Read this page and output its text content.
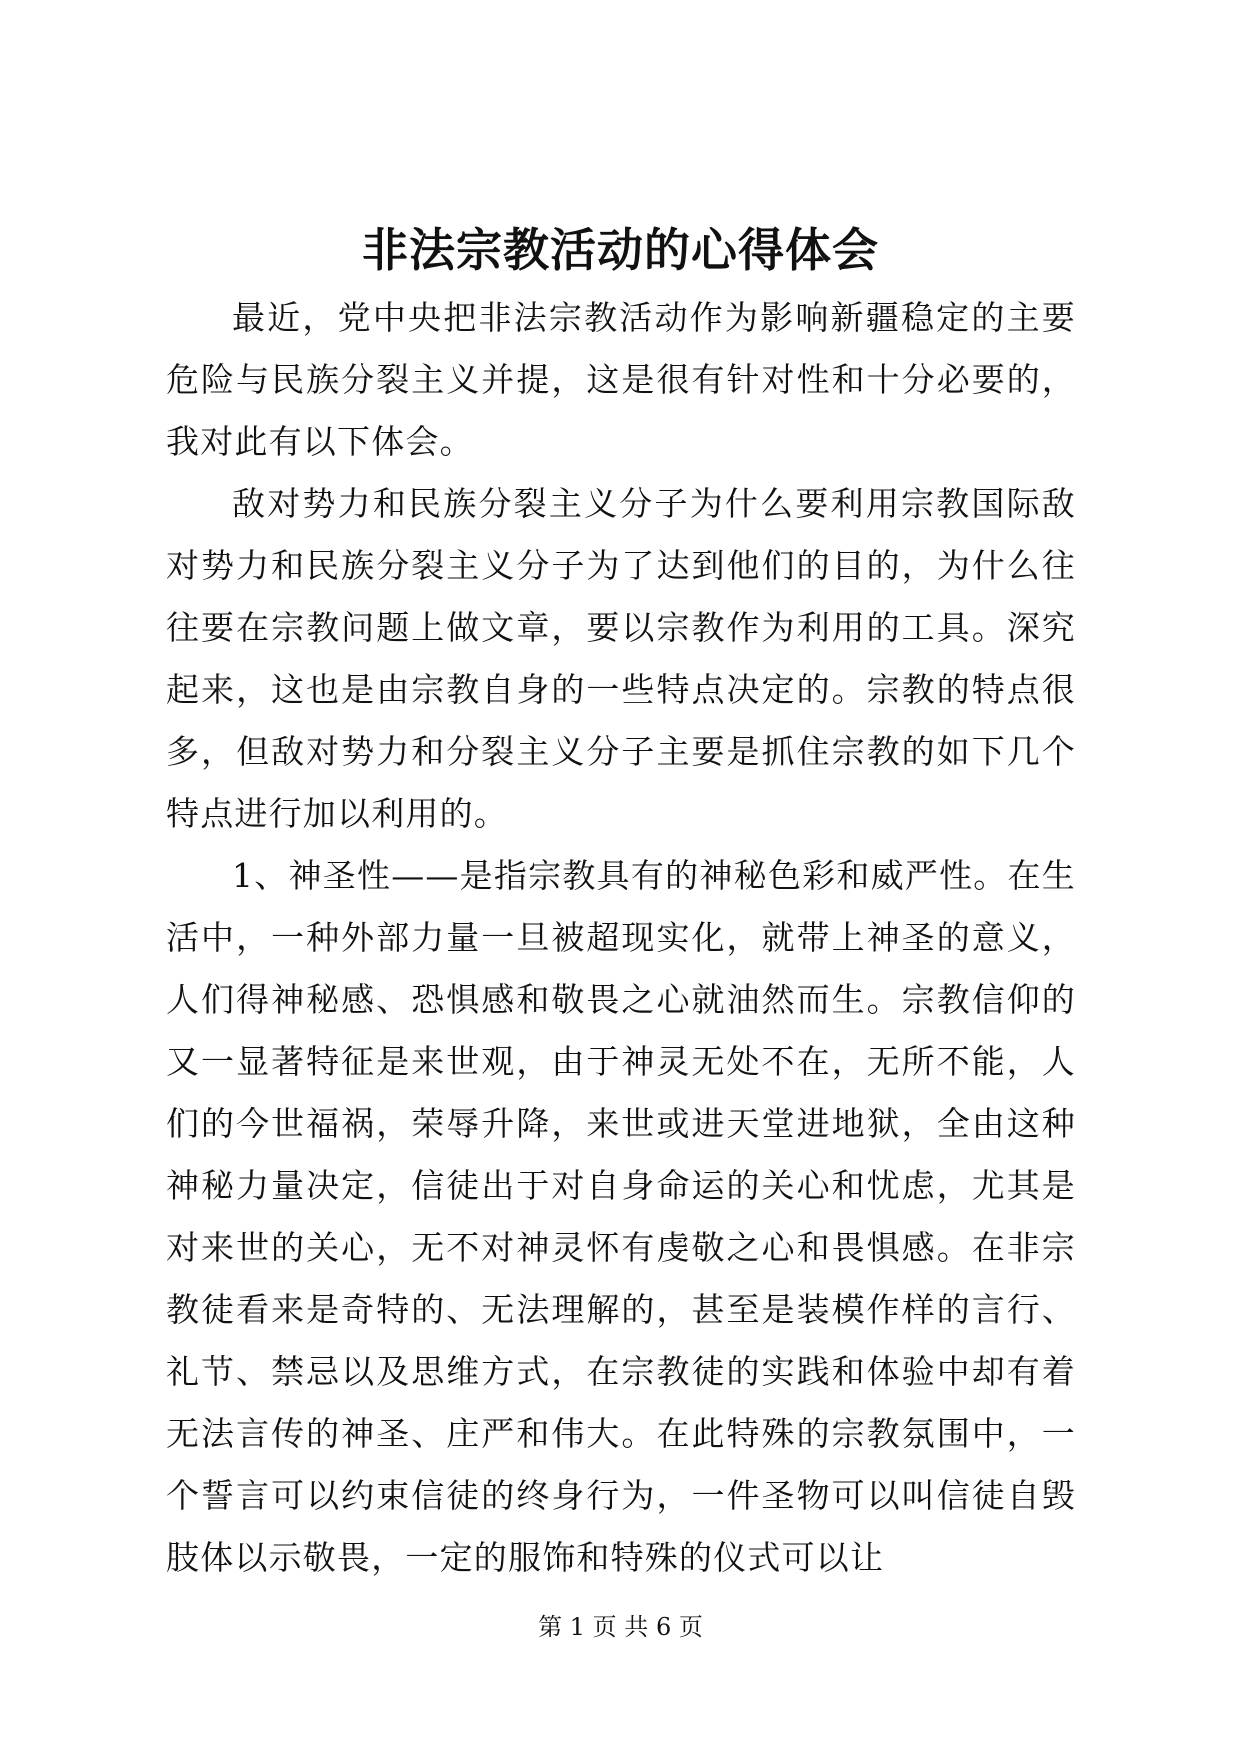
非法宗教活动的心得体会

最近，党中央把非法宗教活动作为影响新疆稳定的主要危险与民族分裂主义并提，这是很有针对性和十分必要的，我对此有以下体会。

敌对势力和民族分裂主义分子为什么要利用宗教国际敌对势力和民族分裂主义分子为了达到他们的目的，为什么往往要在宗教问题上做文章，要以宗教作为利用的工具。深究起来，这也是由宗教自身的一些特点决定的。宗教的特点很多，但敌对势力和分裂主义分子主要是抓住宗教的如下几个特点进行加以利用的。

1、神圣性——是指宗教具有的神秘色彩和威严性。在生活中，一种外部力量一旦被超现实化，就带上神圣的意义，人们得神秘感、恐惧感和敬畏之心就油然而生。宗教信仰的又一显著特征是来世观，由于神灵无处不在，无所不能，人们的今世福祸，荣辱升降，来世或进天堂进地狱，全由这种神秘力量决定，信徒出于对自身命运的关心和忧虑，尤其是对来世的关心，无不对神灵怀有虔敬之心和畏惧感。在非宗教徒看来是奇特的、无法理解的，甚至是装模作样的言行、礼节、禁忌以及思维方式，在宗教徒的实践和体验中却有着无法言传的神圣、庄严和伟大。在此特殊的宗教氛围中，一个誓言可以约束信徒的终身行为，一件圣物可以叫信徒自毁肢体以示敬畏，一定的服饰和特殊的仪式可以让

第 1 页 共 6 页
